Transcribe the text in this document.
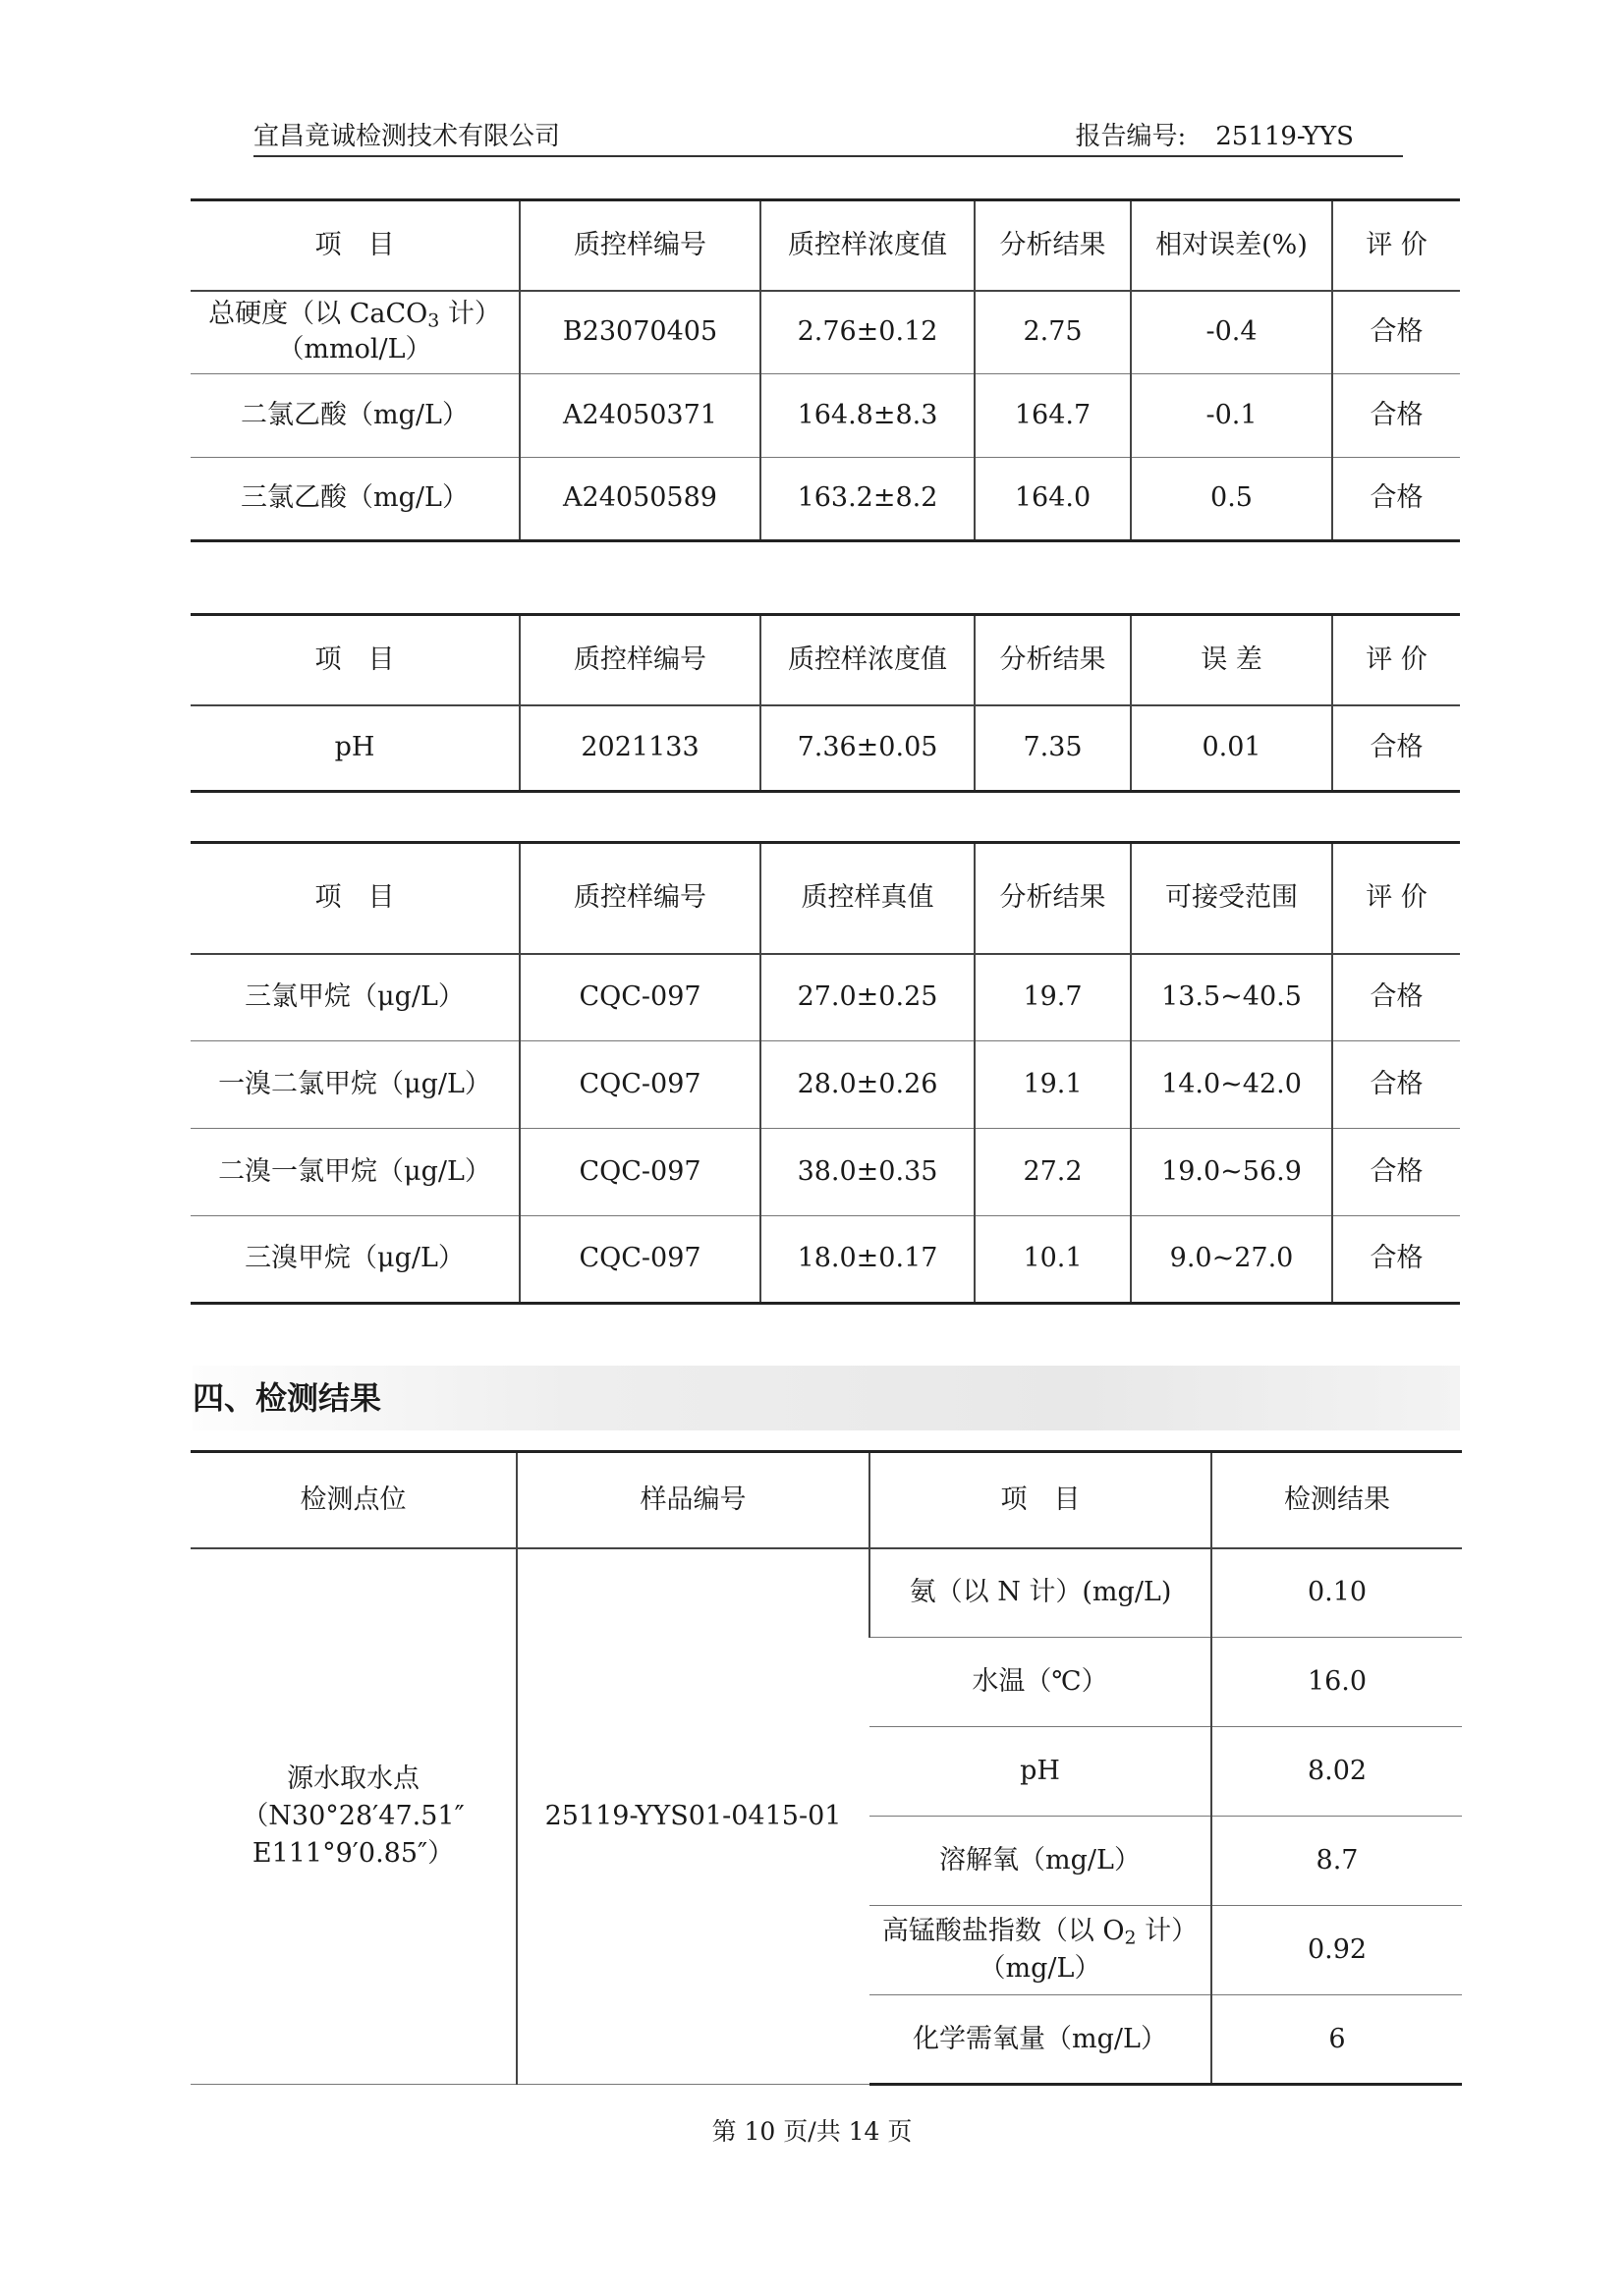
宜昌竟诚检测技术有限公司	报告编号: 25119-YYS
项　目	质控样编号	质控样浓度值	分析结果	相对误差(%)	评 价
总硬度（以 CaCO$_3$ 计）
（mmol/L）	B23070405	2.76±0.12	2.75	-0.4	合格
二氯乙酸（mg/L）	A24050371	164.8±8.3	164.7	-0.1	合格
三氯乙酸（mg/L）	A24050589	163.2±8.2	164.0	0.5	合格
项　目	质控样编号	质控样浓度值	分析结果	误 差	评 价
pH	2021133	7.36±0.05	7.35	0.01	合格
项　目	质控样编号	质控样真值	分析结果	可接受范围	评 价
三氯甲烷（μg/L）	CQC-097	27.0±0.25	19.7	13.5~40.5	合格
一溴二氯甲烷（μg/L）	CQC-097	28.0±0.26	19.1	14.0~42.0	合格
二溴一氯甲烷（μg/L）	CQC-097	38.0±0.35	27.2	19.0~56.9	合格
三溴甲烷（μg/L）	CQC-097	18.0±0.17	10.1	9.0~27.0	合格
四、检测结果
检测点位	样品编号	项　目	检测结果
源水取水点
（N30°28′47.51″
E111°9′0.85″）	25119-YYS01-0415-01	氨（以 N 计）(mg/L)	0.10
		水温（℃）	16.0
		pH	8.02
		溶解氧（mg/L）	8.7
		高锰酸盐指数（以 $O_2$ 计）
（mg/L）	0.92
		化学需氧量（mg/L）	6
第 10 页/共 14 页
